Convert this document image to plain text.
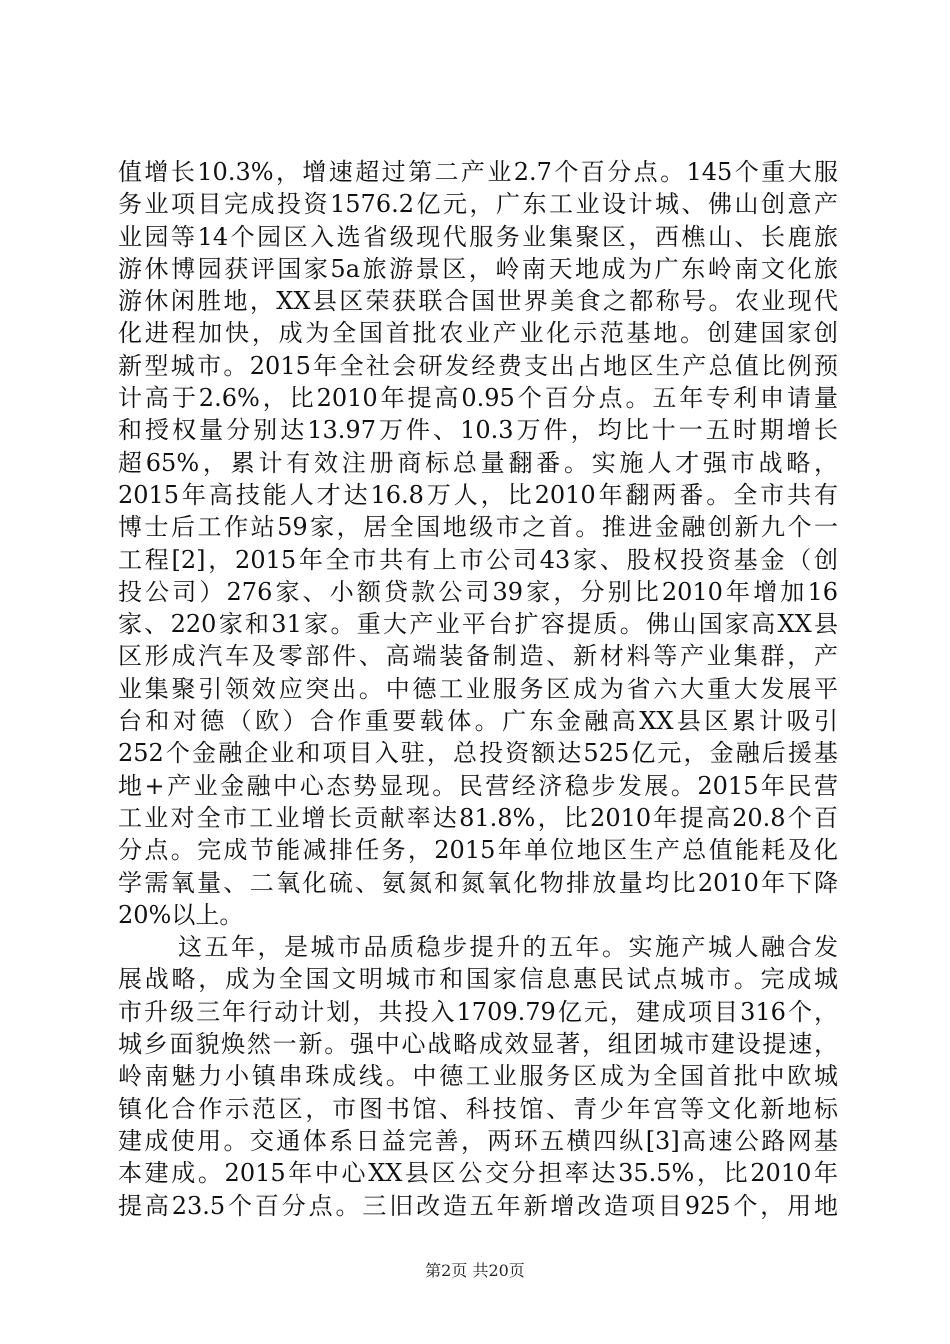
值增长10.3%，增速超过第二产业2.7个百分点。145个重大服
务业项目完成投资1576.2亿元，广东工业设计城、佛山创意产
业园等14个园区入选省级现代服务业集聚区，西樵山、长鹿旅
游休博园获评国家5a旅游景区，岭南天地成为广东岭南文化旅
游休闲胜地，XX县区荣获联合国世界美食之都称号。农业现代
化进程加快，成为全国首批农业产业化示范基地。创建国家创
新型城市。2015年全社会研发经费支出占地区生产总值比例预
计高于2.6%，比2010年提高0.95个百分点。五年专利申请量
和授权量分别达13.97万件、10.3万件，均比十一五时期增长
超65%，累计有效注册商标总量翻番。实施人才强市战略，
2015年高技能人才达16.8万人，比2010年翻两番。全市共有
博士后工作站59家，居全国地级市之首。推进金融创新九个一
工程[2]，2015年全市共有上市公司43家、股权投资基金（创
投公司）276家、小额贷款公司39家，分别比2010年增加16
家、220家和31家。重大产业平台扩容提质。佛山国家高XX县
区形成汽车及零部件、高端装备制造、新材料等产业集群，产
业集聚引领效应突出。中德工业服务区成为省六大重大发展平
台和对德（欧）合作重要载体。广东金融高XX县区累计吸引
252个金融企业和项目入驻，总投资额达525亿元，金融后援基
地+产业金融中心态势显现。民营经济稳步发展。2015年民营
工业对全市工业增长贡献率达81.8%，比2010年提高20.8个百
分点。完成节能减排任务，2015年单位地区生产总值能耗及化
学需氧量、二氧化硫、氨氮和氮氧化物排放量均比2010年下降
20%以上。
这五年，是城市品质稳步提升的五年。实施产城人融合发
展战略，成为全国文明城市和国家信息惠民试点城市。完成城
市升级三年行动计划，共投入1709.79亿元，建成项目316个，
城乡面貌焕然一新。强中心战略成效显著，组团城市建设提速，
岭南魅力小镇串珠成线。中德工业服务区成为全国首批中欧城
镇化合作示范区，市图书馆、科技馆、青少年宫等文化新地标
建成使用。交通体系日益完善，两环五横四纵[3]高速公路网基
本建成。2015年中心XX县区公交分担率达35.5%，比2010年
提高23.5个百分点。三旧改造五年新增改造项目925个，用地
第2页 共20页
